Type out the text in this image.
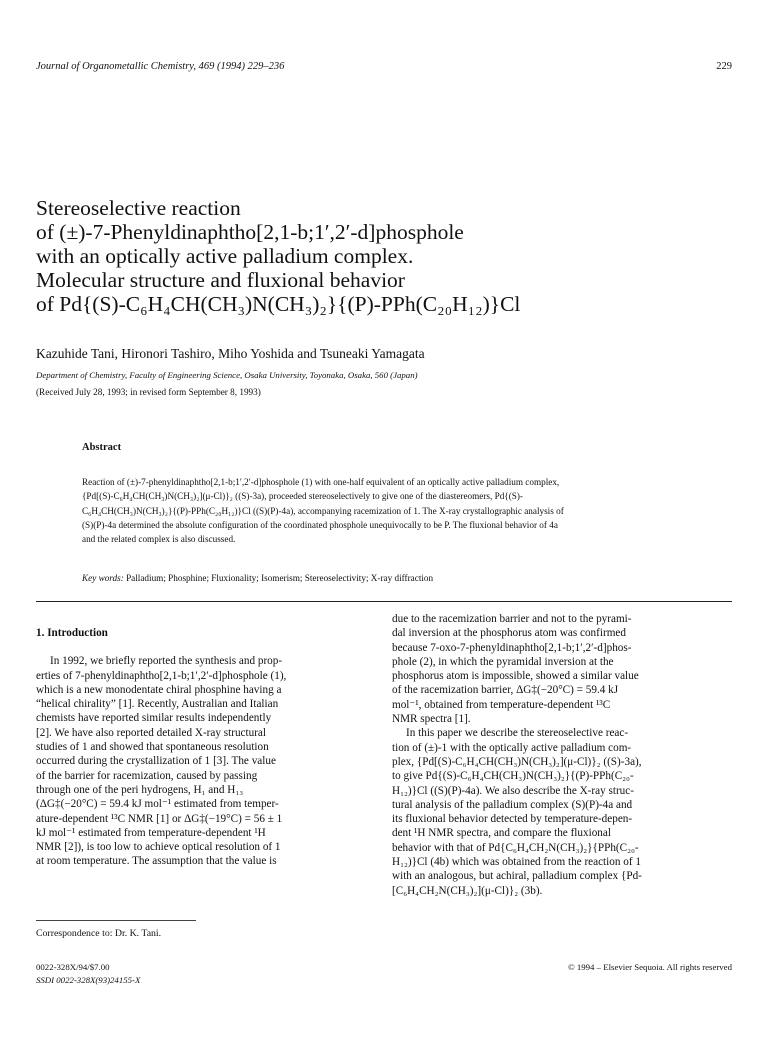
Journal of Organometallic Chemistry, 469 (1994) 229–236	229
Stereoselective reaction
of (±)-7-Phenyldinaphtho[2,1-b;1′,2′-d]phosphole
with an optically active palladium complex.
Molecular structure and fluxional behavior
of Pd{(S)-C₆H₄CH(CH₃)N(CH₃)₂}{(P)-PPh(C₂₀H₁₂)}Cl
Kazuhide Tani, Hironori Tashiro, Miho Yoshida and Tsuneaki Yamagata
Department of Chemistry, Faculty of Engineering Science, Osaka University, Toyonaka, Osaka, 560 (Japan)
(Received July 28, 1993; in revised form September 8, 1993)
Abstract
Reaction of (±)-7-phenyldinaphtho[2,1-b;1′,2′-d]phosphole (1) with one-half equivalent of an optically active palladium complex,
{Pd[(S)-C₆H₄CH(CH₃)N(CH₃)₂](μ-Cl)}₂ ((S)-3a), proceeded stereoselectively to give one of the diastereomers, Pd{(S)-
C₆H₄CH(CH₃)N(CH₃)₂}{(P)-PPh(C₂₀H₁₂)}Cl ((S)(P)-4a), accompanying racemization of 1. The X-ray crystallographic analysis of
(S)(P)-4a determined the absolute configuration of the coordinated phosphole unequivocally to be P. The fluxional behavior of 4a
and the related complex is also discussed.
Key words: Palladium; Phosphine; Fluxionality; Isomerism; Stereoselectivity; X-ray diffraction
1. Introduction
In 1992, we briefly reported the synthesis and prop-
erties of 7-phenyldinaphtho[2,1-b;1′,2′-d]phosphole (1),
which is a new monodentate chiral phosphine having a
“helical chirality” [1]. Recently, Australian and Italian
chemists have reported similar results independently
[2]. We have also reported detailed X-ray structural
studies of 1 and showed that spontaneous resolution
occurred during the crystallization of 1 [3]. The value
of the barrier for racemization, caused by passing
through one of the peri hydrogens, H₁ and H₁₃
(ΔG‡(−20°C) = 59.4 kJ mol⁻¹ estimated from temper-
ature-dependent ¹³C NMR [1] or ΔG‡(−19°C) = 56 ± 1
kJ mol⁻¹ estimated from temperature-dependent ¹H
NMR [2]), is too low to achieve optical resolution of 1
at room temperature. The assumption that the value is
due to the racemization barrier and not to the pyrami-
dal inversion at the phosphorus atom was confirmed
because 7-oxo-7-phenyldinaphtho[2,1-b;1′,2′-d]phos-
phole (2), in which the pyramidal inversion at the
phosphorus atom is impossible, showed a similar value
of the racemization barrier, ΔG‡(−20°C) = 59.4 kJ
mol⁻¹, obtained from temperature-dependent ¹³C
NMR spectra [1].
In this paper we describe the stereoselective reac-
tion of (±)-1 with the optically active palladium com-
plex, {Pd[(S)-C₆H₄CH(CH₃)N(CH₃)₂](μ-Cl)}₂ ((S)-3a),
to give Pd{(S)-C₆H₄CH(CH₃)N(CH₃)₂}{(P)-PPh(C₂₀-
H₁₂)}Cl ((S)(P)-4a). We also describe the X-ray struc-
tural analysis of the palladium complex (S)(P)-4a and
its fluxional behavior detected by temperature-depen-
dent ¹H NMR spectra, and compare the fluxional
behavior with that of Pd{C₆H₄CH₂N(CH₃)₂}{PPh(C₂₀-
H₁₂)}Cl (4b) which was obtained from the reaction of 1
with an analogous, but achiral, palladium complex {Pd-
[C₆H₄CH₂N(CH₃)₂](μ-Cl)}₂ (3b).
Correspondence to: Dr. K. Tani.
0022-328X/94/$7.00
SSDI 0022-328X(93)24155-X
© 1994 – Elsevier Sequoia. All rights reserved
